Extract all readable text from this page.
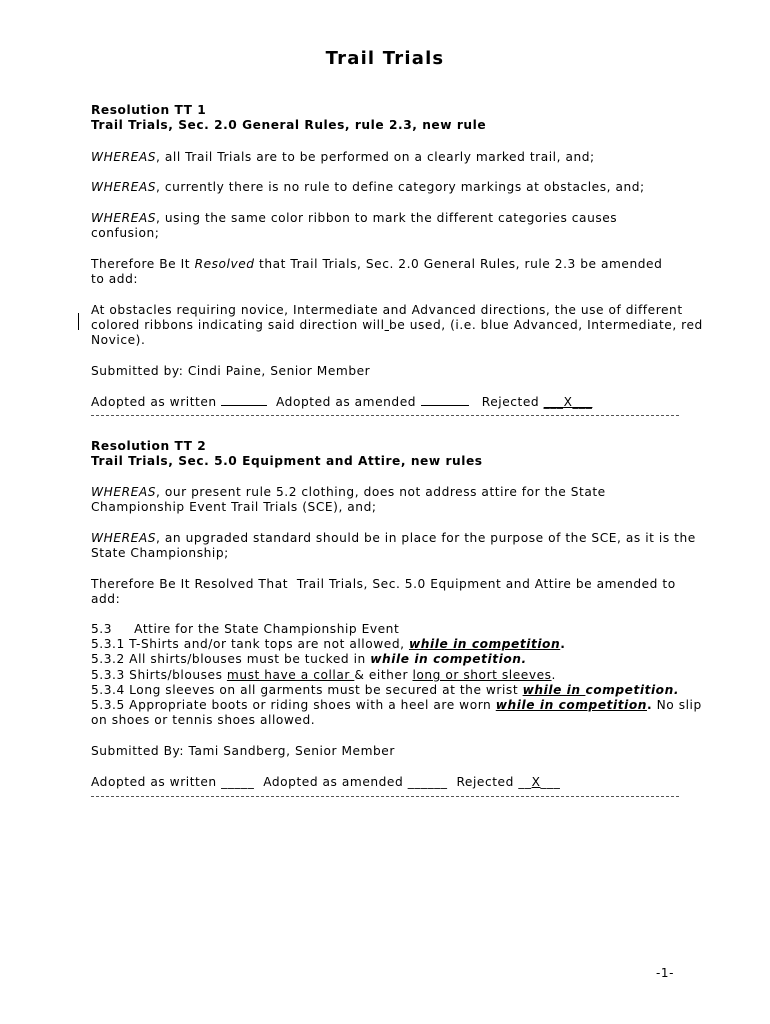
Trail Trials
Resolution TT 1
Trail Trials, Sec. 2.0 General Rules, rule 2.3, new rule
WHEREAS, all Trail Trials are to be performed on a clearly marked trail, and;
WHEREAS, currently there is no rule to define category markings at obstacles, and;
WHEREAS, using the same color ribbon to mark the different categories causes
confusion;
Therefore Be It Resolved that Trail Trials, Sec. 2.0 General Rules, rule 2.3 be amended
to add:
At obstacles requiring novice, Intermediate and Advanced directions, the use of different
colored ribbons indicating said direction will be used, (i.e. blue Advanced, Intermediate, red
Novice).
Submitted by: Cindi Paine, Senior Member
Adopted as written	Adopted as amended	Rejected ___X___
Resolution TT 2
Trail Trials, Sec. 5.0 Equipment and Attire, new rules
WHEREAS, our present rule 5.2 clothing, does not address attire for the State
Championship Event Trail Trials (SCE), and;
WHEREAS, an upgraded standard should be in place for the purpose of the SCE, as it is the
State Championship;
Therefore Be It Resolved That  Trail Trials, Sec. 5.0 Equipment and Attire be amended to
add:
5.3     Attire for the State Championship Event
5.3.1 T-Shirts and/or tank tops are not allowed, while in competition.
5.3.2 All shirts/blouses must be tucked in while in competition.
5.3.3 Shirts/blouses must have a collar & either long or short sleeves.
5.3.4 Long sleeves on all garments must be secured at the wrist while in competition.
5.3.5 Appropriate boots or riding shoes with a heel are worn while in competition. No slip
on shoes or tennis shoes allowed.
Submitted By: Tami Sandberg, Senior Member
Adopted as written _____ Adopted as amended ______ Rejected __X___
-1-
